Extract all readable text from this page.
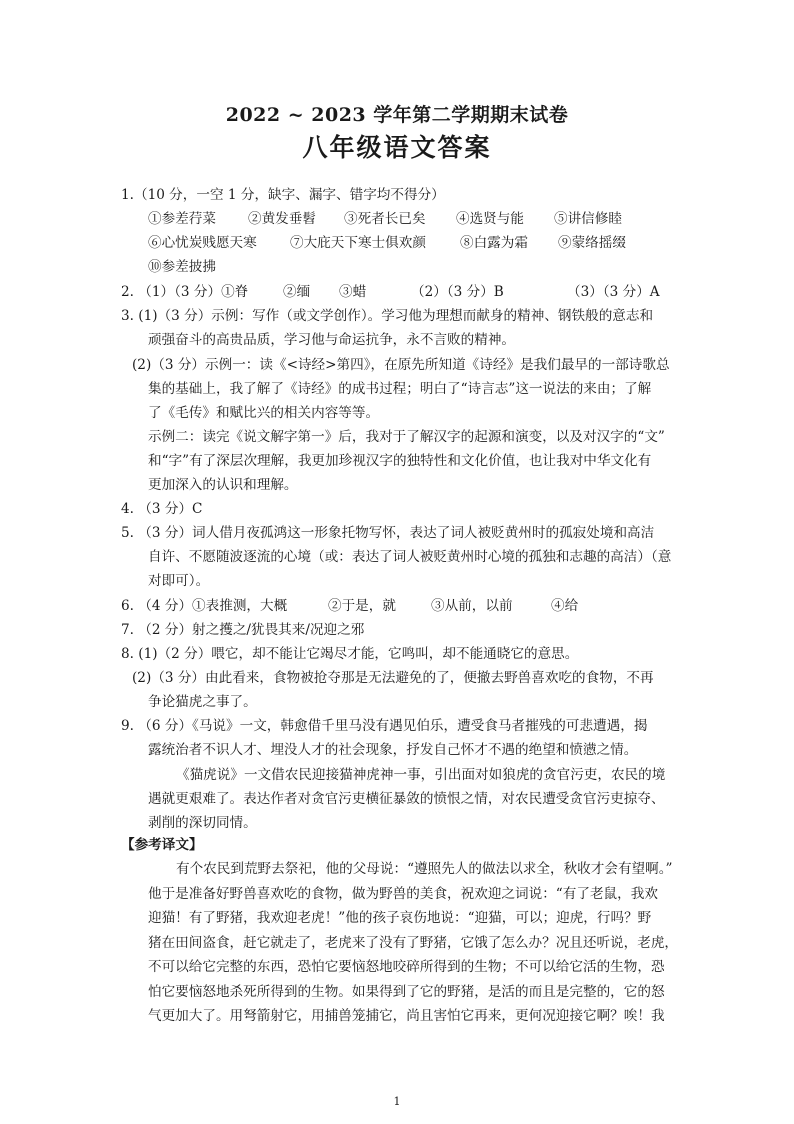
2022 ~ 2023 学年第二学期期末试卷
八年级语文答案
1.（10 分，一空 1 分，缺字、漏字、错字均不得分）
①参差荇菜 ②黄发垂髫 ③死者长已矣 ④选贤与能 ⑤讲信修睦
⑥心忧炭贱愿天寒 ⑦大庇天下寒士俱欢颜	⑧白露为霜 ⑨蒙络摇缀
⑩参差披拂
2. （1）（3 分）①脊	②缅 ③蜡	（2）（3 分）B	（3）（3 分）A
3. (1)（3 分）示例：写作（或文学创作）。学习他为理想而献身的精神、钢铁般的意志和
顽强奋斗的高贵品质，学习他与命运抗争，永不言败的精神。
(2)（3 分）示例一：读《<诗经>第四》，在原先所知道《诗经》是我们最早的一部诗歌总
集的基础上，我了解了《诗经》的成书过程；明白了“诗言志”这一说法的来由；了解
了《毛传》和赋比兴的相关内容等等。
示例二：读完《说文解字第一》后，我对于了解汉字的起源和演变，以及对汉字的“文”
和“字”有了深层次理解，我更加珍视汉字的独特性和文化价值，也让我对中华文化有
更加深入的认识和理解。
4. （3 分）C
5. （3 分）词人借月夜孤鸿这一形象托物写怀，表达了词人被贬黄州时的孤寂处境和高洁
自许、不愿随波逐流的心境（或：表达了词人被贬黄州时心境的孤独和志趣的高洁）（意
对即可）。
6. （4 分）①表推测，大概	②于是，就	③从前，以前	④给
7. （2 分）射之擭之/犹畏其来/况迎之邪
8. (1)（2 分）喂它，却不能让它竭尽才能，它鸣叫，却不能通晓它的意思。
(2)（3 分）由此看来，食物被抢夺那是无法避免的了，便撤去野兽喜欢吃的食物，不再
争论猫虎之事了。
9. （6 分）《马说》一文，韩愈借千里马没有遇见伯乐，遭受食马者摧残的可悲遭遇，揭
露统治者不识人才、埋没人才的社会现象，抒发自己怀才不遇的绝望和愤懑之情。
《猫虎说》一文借农民迎接猫神虎神一事，引出面对如狼虎的贪官污吏，农民的境
遇就更艰难了。表达作者对贪官污吏横征暴敛的愤恨之情，对农民遭受贪官污吏掠夺、
剥削的深切同情。
【参考译文】
有个农民到荒野去祭祀，他的父母说：“遵照先人的做法以求全，秋收才会有望啊。”
他于是准备好野兽喜欢吃的食物，做为野兽的美食，祝欢迎之词说：“有了老鼠，我欢
迎猫！有了野猪，我欢迎老虎！”他的孩子哀伤地说：“迎猫，可以；迎虎，行吗？野
猪在田间盗食，赶它就走了，老虎来了没有了野猪，它饿了怎么办？况且还听说，老虎，
不可以给它完整的东西，恐怕它要恼怒地咬碎所得到的生物；不可以给它活的生物，恐
怕它要恼怒地杀死所得到的生物。如果得到了它的野猪，是活的而且是完整的，它的怒
气更加大了。用弩箭射它，用捕兽笼捕它，尚且害怕它再来，更何况迎接它啊？唉！我
1
